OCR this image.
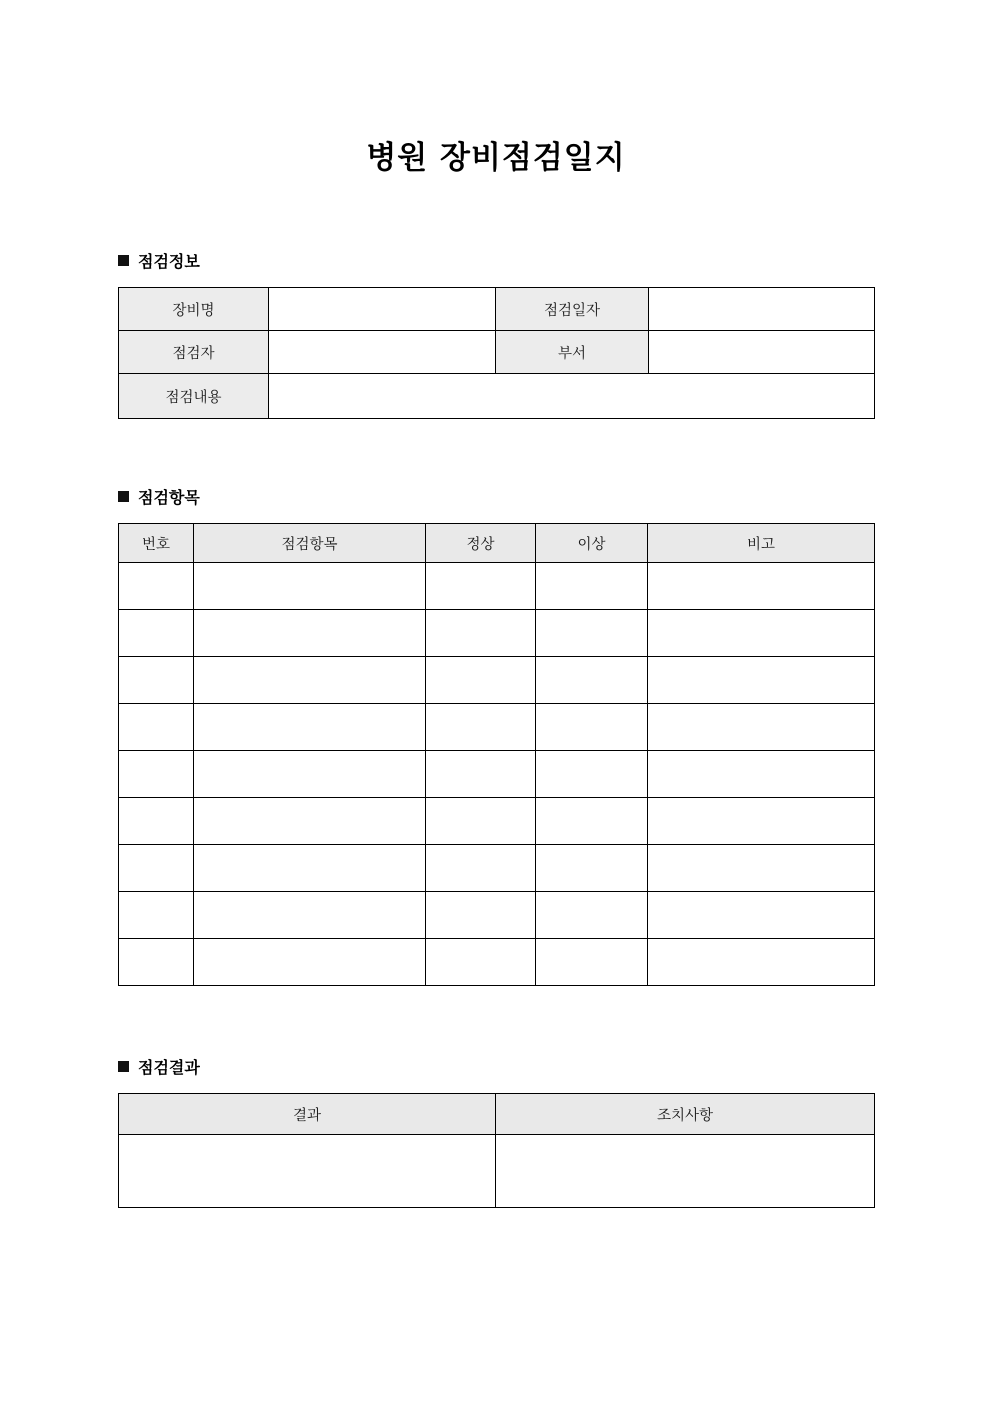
병원 장비점검일지
점검정보
장비명		점검일자	
점검자		부서	
점검내용			
점검항목
번호	점검항목	정상	이상	비고

점검결과
결과	조치사항
